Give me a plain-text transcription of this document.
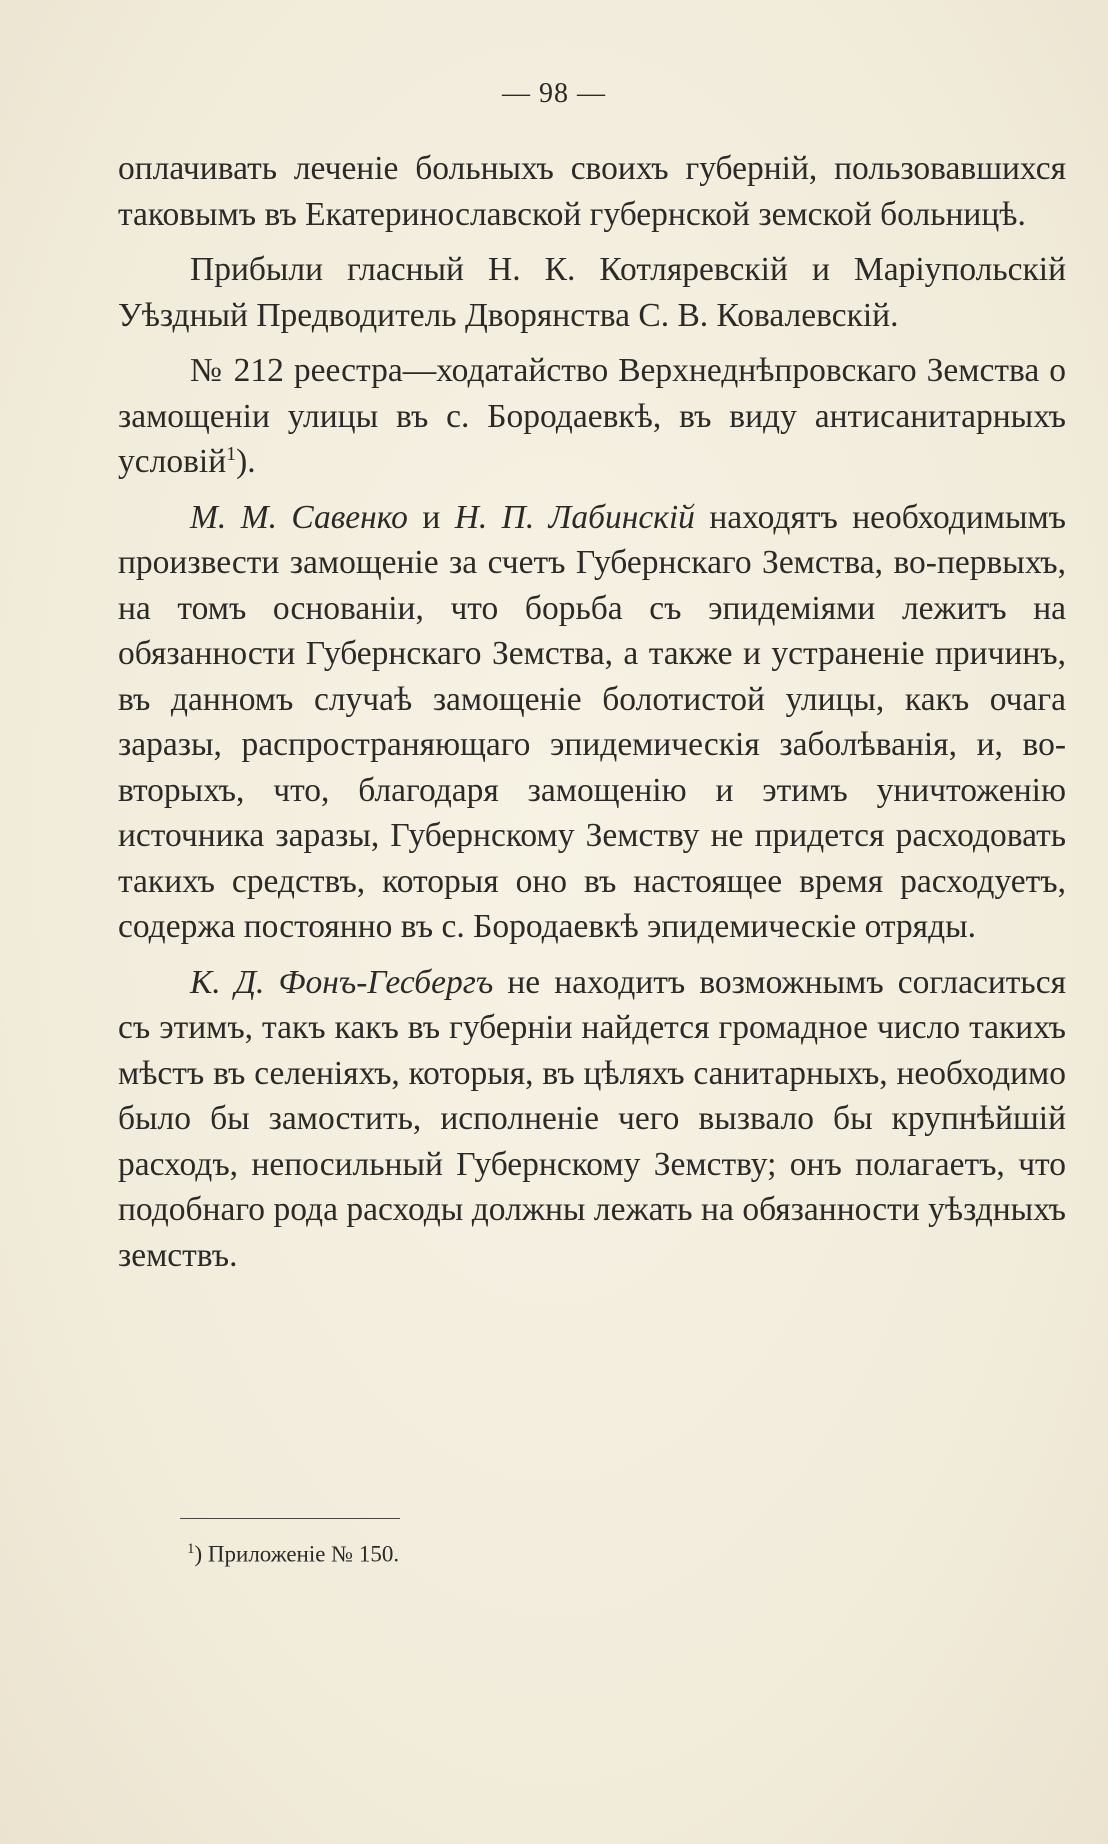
— 98 —

оплачивать леченіе больныхъ своихъ губерній, пользовавшихся таковымъ въ Екатеринославской губернской земской больницѣ.

Прибыли гласный Н. К. Котляревскій и Маріупольскій Уѣздный Предводитель Дворянства С. В. Ковалевскій.

№ 212 реестра—ходатайство Верхнеднѣпровскаго Земства о замощеніи улицы въ с. Бородаевкѣ, въ виду антисанитарныхъ условій$^1$).

М. М. Савенко и Н. П. Лабинскій находятъ необходимымъ произвести замощеніе за счетъ Губернскаго Земства, во-первыхъ, на томъ основаніи, что борьба съ эпидеміями лежитъ на обязанности Губернскаго Земства, а также и устраненіе причинъ, въ данномъ случаѣ замощеніе болотистой улицы, какъ очага заразы, распространяющаго эпидемическія заболѣванія, и, во-вторыхъ, что, благодаря замощенію и этимъ уничтоженію источника заразы, Губернскому Земству не придется расходовать такихъ средствъ, которыя оно въ настоящее время расходуетъ, содержа постоянно въ с. Бородаевкѣ эпидемическіе отряды.

К. Д. Фонъ-Гесбергъ не находитъ возможнымъ согласиться съ этимъ, такъ какъ въ губерніи найдется громадное число такихъ мѣстъ въ селеніяхъ, которыя, въ цѣляхъ санитарныхъ, необходимо было бы замостить, исполненіе чего вызвало бы крупнѣйшій расходъ, непосильный Губернскому Земству; онъ полагаетъ, что подобнаго рода расходы должны лежать на обязанности уѣздныхъ земствъ.

$^1$) Приложеніе № 150.
